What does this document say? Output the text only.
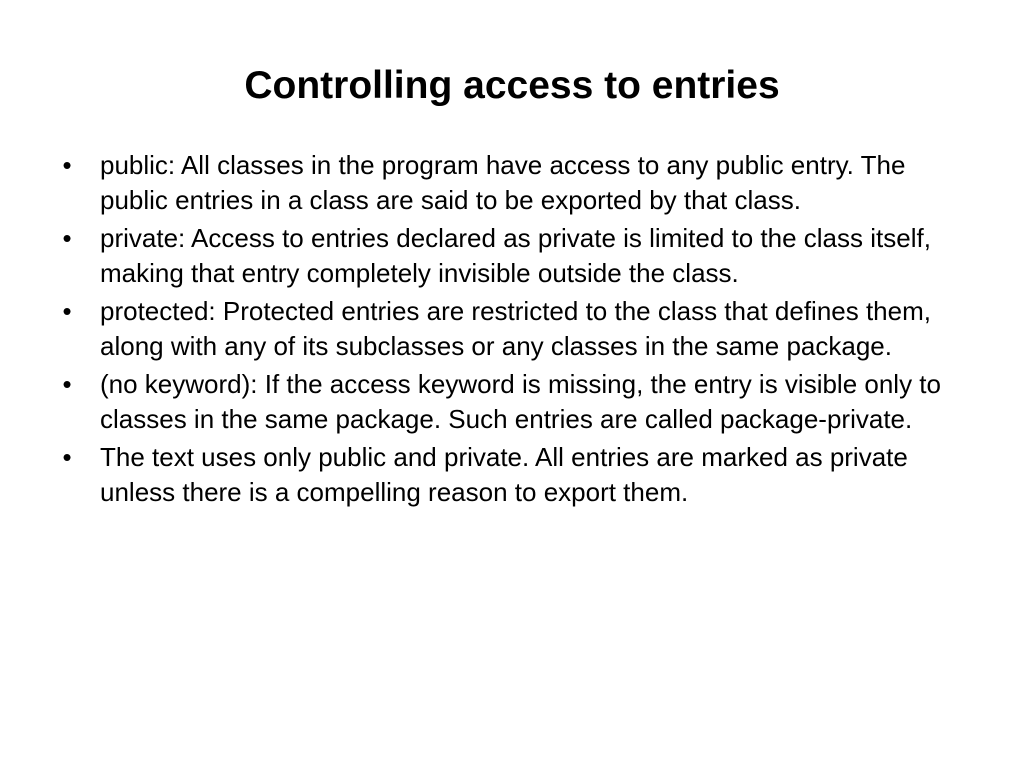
Controlling access to entries
• public: All classes in the program have access to any public entry. The public entries in a class are said to be exported by that class.
• private: Access to entries declared as private is limited to the class itself, making that entry completely invisible outside the class.
• protected: Protected entries are restricted to the class that defines them, along with any of its subclasses or any classes in the same package.
• (no keyword): If the access keyword is missing, the entry is visible only to classes in the same package. Such entries are called package-private.
• The text uses only public and private. All entries are marked as private unless there is a compelling reason to export them.
